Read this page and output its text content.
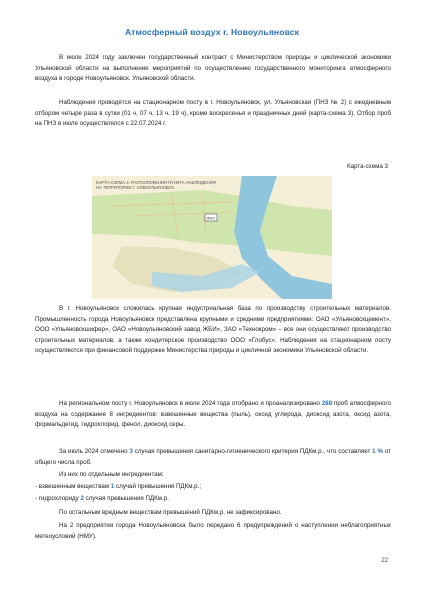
Атмосферный воздух г. Новоульяновск
В июле 2024 году заключен государственный контракт с Министерством природы и циклической экономики Ульяновской области на выполнение мероприятий по осуществлению государственного мониторинга атмосферного воздуха в городе Новоульяновск. Ульяновской области.
Наблюдения проводятся на стационарном посту в г. Новоульяновск, ул. Ульяновская (ПНЗ № 2) с ежедневным отбором четыре раза в сутки (01 ч, 07 ч, 13 ч, 19 ч), кроме воскресенья и праздничных дней (карта-схема 3). Отбор проб на ПНЗ в июле осуществлялся с 22.07.2024 г.
Карта-схема 3
КАРТА-СХЕМА 3. РАСПОЛОЖЕНИЯ ПУНКТА НАБЛЮДЕНИЯ
НА ТЕРРИТОРИИ Г. НОВОУЛЬЯНОВСК
ПНЗ
В г. Новоульяновск сложилась крупная индустриальная база по производству строительных материалов. Промышленность города Новоульяновск представлена крупными и средними предприятиями: ОАО «Ульяновскцемент», ООО «Ульяновскшифер», ОАО «Новоульяновский завод ЖБИ», ЗАО «Технокром» – все они осуществляют производство строительных материалов, а также кондитерское производство ООО «Глобус». Наблюдения на стационарном посту осуществляются при финансовой поддержке Министерства природы и цикличной экономики Ульяновской области.
На региональном посту г. Новоульяновск в июле 2024 года отобрано и проанализировано 288 проб атмосферного воздуха на содержание 8 ингредиентов: взвешенные вещества (пыль), оксид углерода, диоксид азота, оксид азота, формальдегид, гидрохлорид, фенол, диоксид серы.
За июль 2024 отмечено 3 случая превышения санитарно-гигиенического критерия ПДКм.р., что составляет 1 % от общего числа проб.
Из них по отдельным ингредиентам:
- взвешенным веществам 1 случай превышения ПДКм.р.;
- гидрохлориду 2 случая превышения ПДКм.р.
По остальным вредным веществам превышений ПДКм.р. не зафиксировано.
На 2 предприятия города Новоульяновска было передано 6 предупреждений о наступлении неблагоприятных метеоусловий (НМУ).
22
